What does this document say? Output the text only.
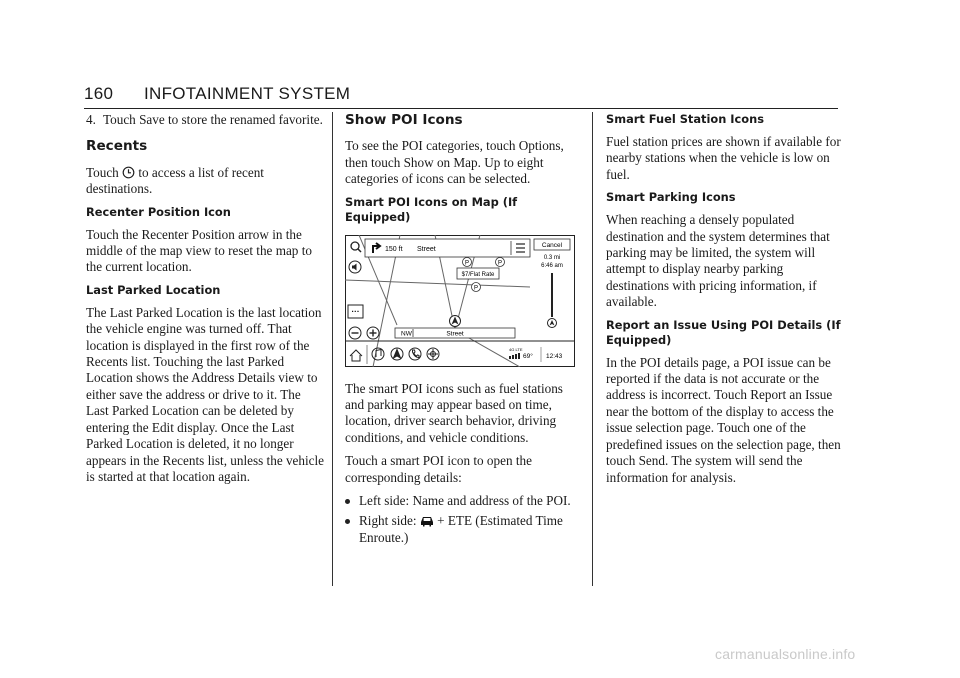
160 INFOTAINMENT SYSTEM

4. Touch Save to store the renamed favorite.

Recents

Touch to access a list of recent destinations.

Recenter Position Icon

Touch the Recenter Position arrow in the middle of the map view to reset the map to the current location.

Last Parked Location

The Last Parked Location is the last location the vehicle engine was turned off. That location is displayed in the first row of the Recents list. Touching the last Parked Location shows the Address Details view to either save the address or drive to it. The Last Parked Location can be deleted by entering the Edit display. Once the Last Parked Location is deleted, it no longer appears in the Recents list, unless the vehicle is started at that location again.

Show POI Icons

To see the POI categories, touch Options, then touch Show on Map. Up to eight categories of icons can be selected.

Smart POI Icons on Map (If Equipped)
150 ft Street
Cancel
0.3 mi
6:46 am
P	P
$7/Flat Rate
P
···
NW	Street
4G LTE
69° 12:43

The smart POI icons such as fuel stations and parking may appear based on time, location, driver search behavior, driving conditions, and vehicle conditions.

Touch a smart POI icon to open the corresponding details:

Left side: Name and address of the POI.

Right side: + ETE (Estimated Time Enroute.)

Smart Fuel Station Icons

Fuel station prices are shown if available for nearby stations when the vehicle is low on fuel.

Smart Parking Icons

When reaching a densely populated destination and the system determines that parking may be limited, the system will attempt to display nearby parking destinations with pricing information, if available.

Report an Issue Using POI Details (If Equipped)

In the POI details page, a POI issue can be reported if the data is not accurate or the address is incorrect. Touch Report an Issue near the bottom of the display to access the issue selection page. Touch one of the predefined issues on the selection page, then touch Send. The system will send the information for analysis.

carmanualsonline.info
